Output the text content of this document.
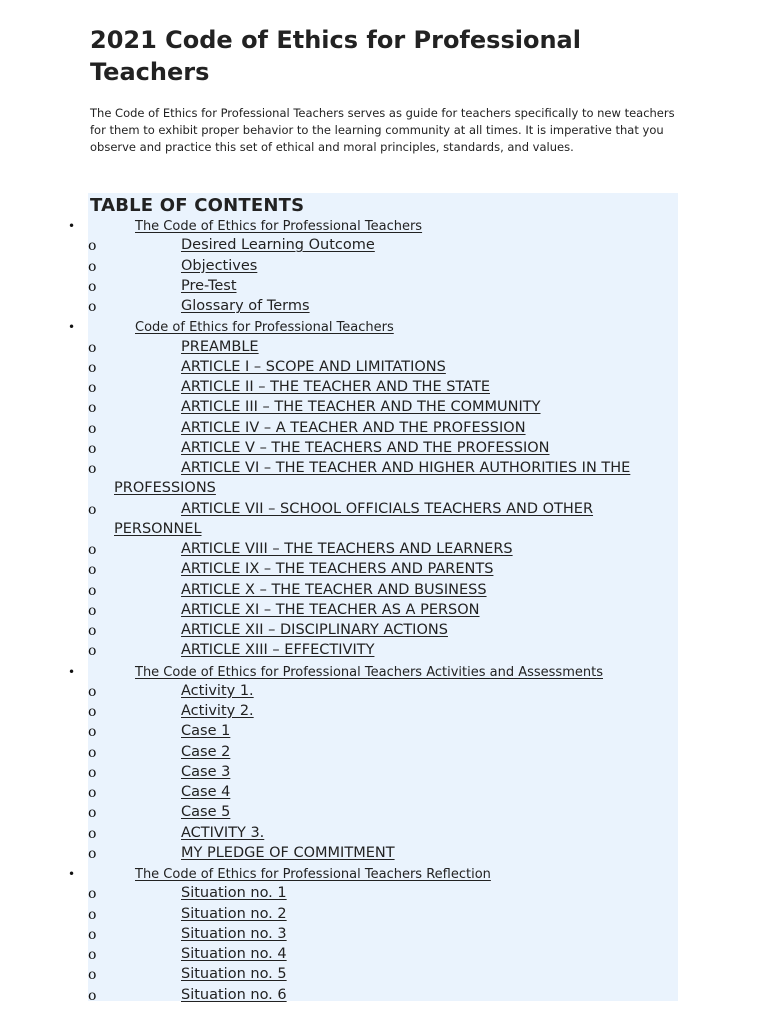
2021 Code of Ethics for Professional Teachers
The Code of Ethics for Professional Teachers serves as guide for teachers specifically to new teachers for them to exhibit proper behavior to the learning community at all times. It is imperative that you observe and practice this set of ethical and moral principles, standards, and values.
TABLE OF CONTENTS
•	The Code of Ethics for Professional Teachers
o	Desired Learning Outcome
o	Objectives
o	Pre-Test
o	Glossary of Terms
•	Code of Ethics for Professional Teachers
o	PREAMBLE
o	ARTICLE I – SCOPE AND LIMITATIONS
o	ARTICLE II – THE TEACHER AND THE STATE
o	ARTICLE III – THE TEACHER AND THE COMMUNITY
o	ARTICLE IV – A TEACHER AND THE PROFESSION
o	ARTICLE V – THE TEACHERS AND THE PROFESSION
o	ARTICLE VI – THE TEACHER AND HIGHER AUTHORITIES IN THE
PROFESSIONS
o	ARTICLE VII – SCHOOL OFFICIALS TEACHERS AND OTHER
PERSONNEL
o	ARTICLE VIII – THE TEACHERS AND LEARNERS
o	ARTICLE IX – THE TEACHERS AND PARENTS
o	ARTICLE X – THE TEACHER AND BUSINESS
o	ARTICLE XI – THE TEACHER AS A PERSON
o	ARTICLE XII – DISCIPLINARY ACTIONS
o	ARTICLE XIII – EFFECTIVITY
•	The Code of Ethics for Professional Teachers Activities and Assessments
o	Activity 1.
o	Activity 2.
o	Case 1
o	Case 2
o	Case 3
o	Case 4
o	Case 5
o	ACTIVITY 3.
o	MY PLEDGE OF COMMITMENT
•	The Code of Ethics for Professional Teachers Reflection
o	Situation no. 1
o	Situation no. 2
o	Situation no. 3
o	Situation no. 4
o	Situation no. 5
o	Situation no. 6
